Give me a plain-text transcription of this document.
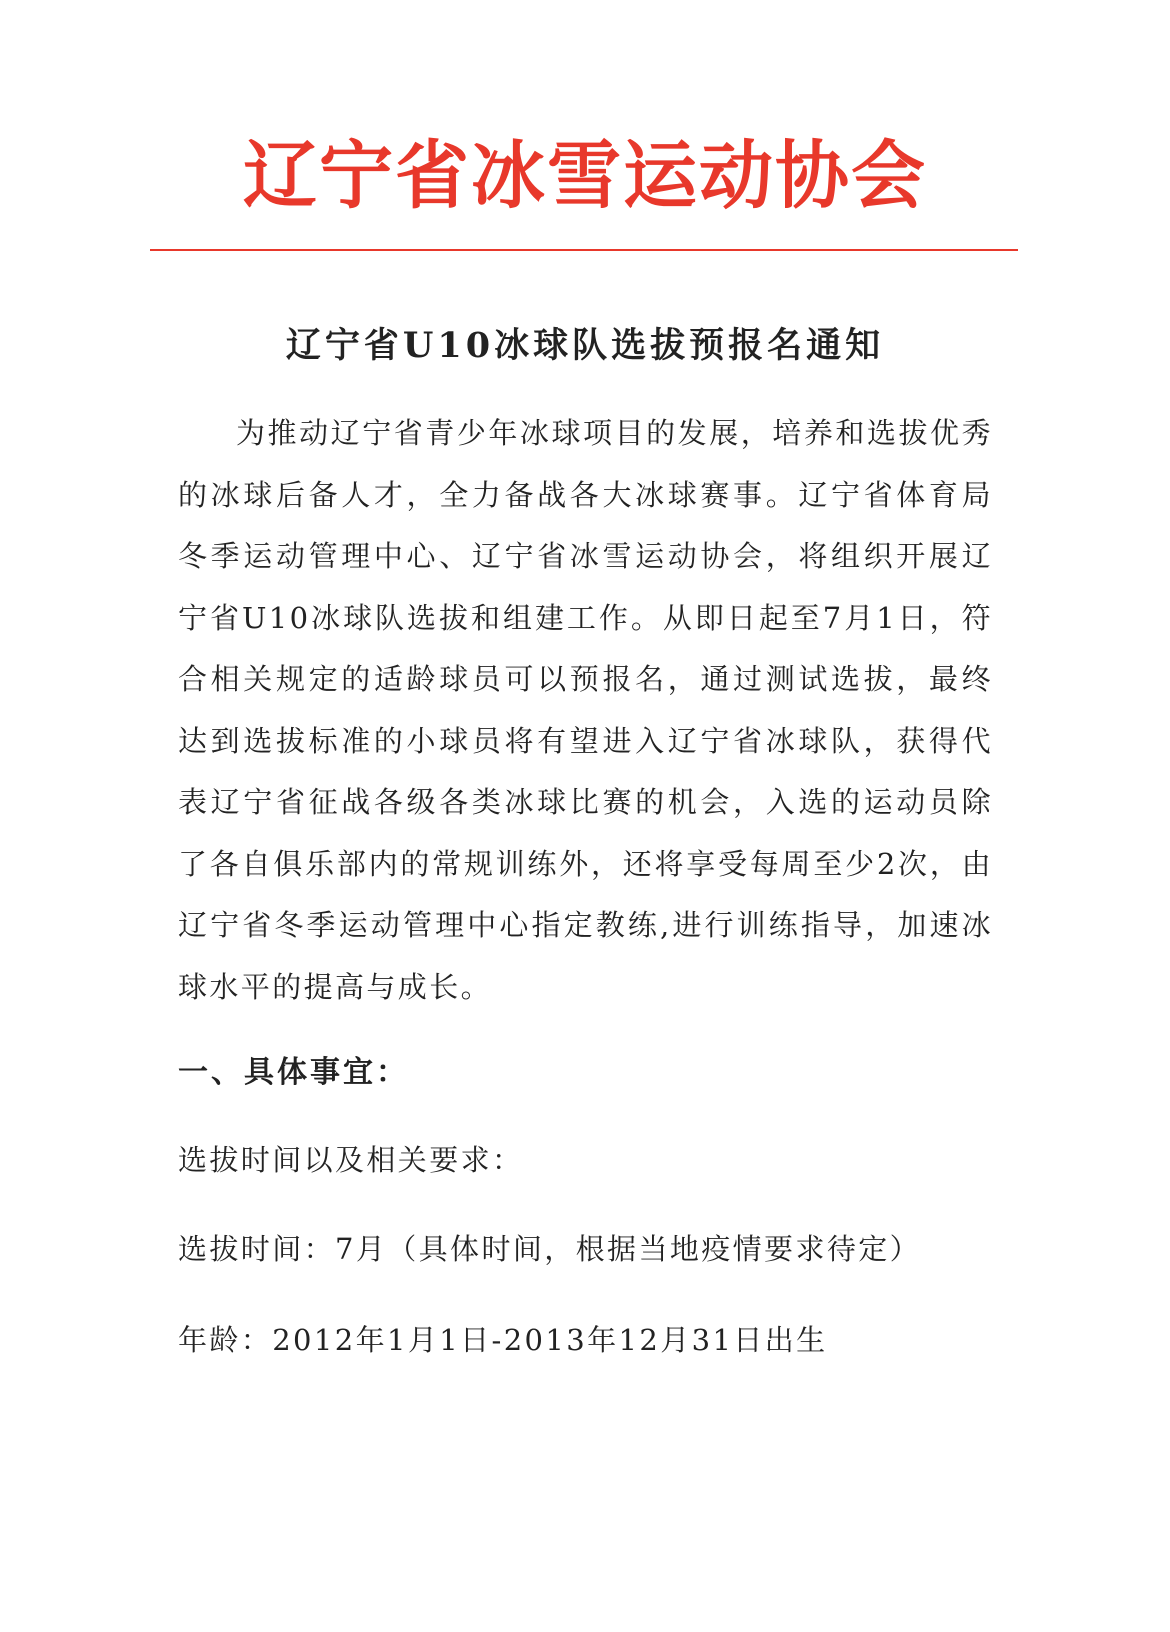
辽宁省冰雪运动协会
辽宁省U10冰球队选拔预报名通知

为推动辽宁省青少年冰球项目的发展，培养和选拔优秀的冰球后备人才，全力备战各大冰球赛事。辽宁省体育局冬季运动管理中心、辽宁省冰雪运动协会，将组织开展辽宁省U10冰球队选拔和组建工作。从即日起至7月1日，符合相关规定的适龄球员可以预报名，通过测试选拔，最终达到选拔标准的小球员将有望进入辽宁省冰球队，获得代表辽宁省征战各级各类冰球比赛的机会，入选的运动员除了各自俱乐部内的常规训练外，还将享受每周至少2次，由辽宁省冬季运动管理中心指定教练,进行训练指导，加速冰球水平的提高与成长。

一、具体事宜：

选拔时间以及相关要求：

选拔时间：7月（具体时间，根据当地疫情要求待定）

年龄：2012年1月1日-2013年12月31日出生
